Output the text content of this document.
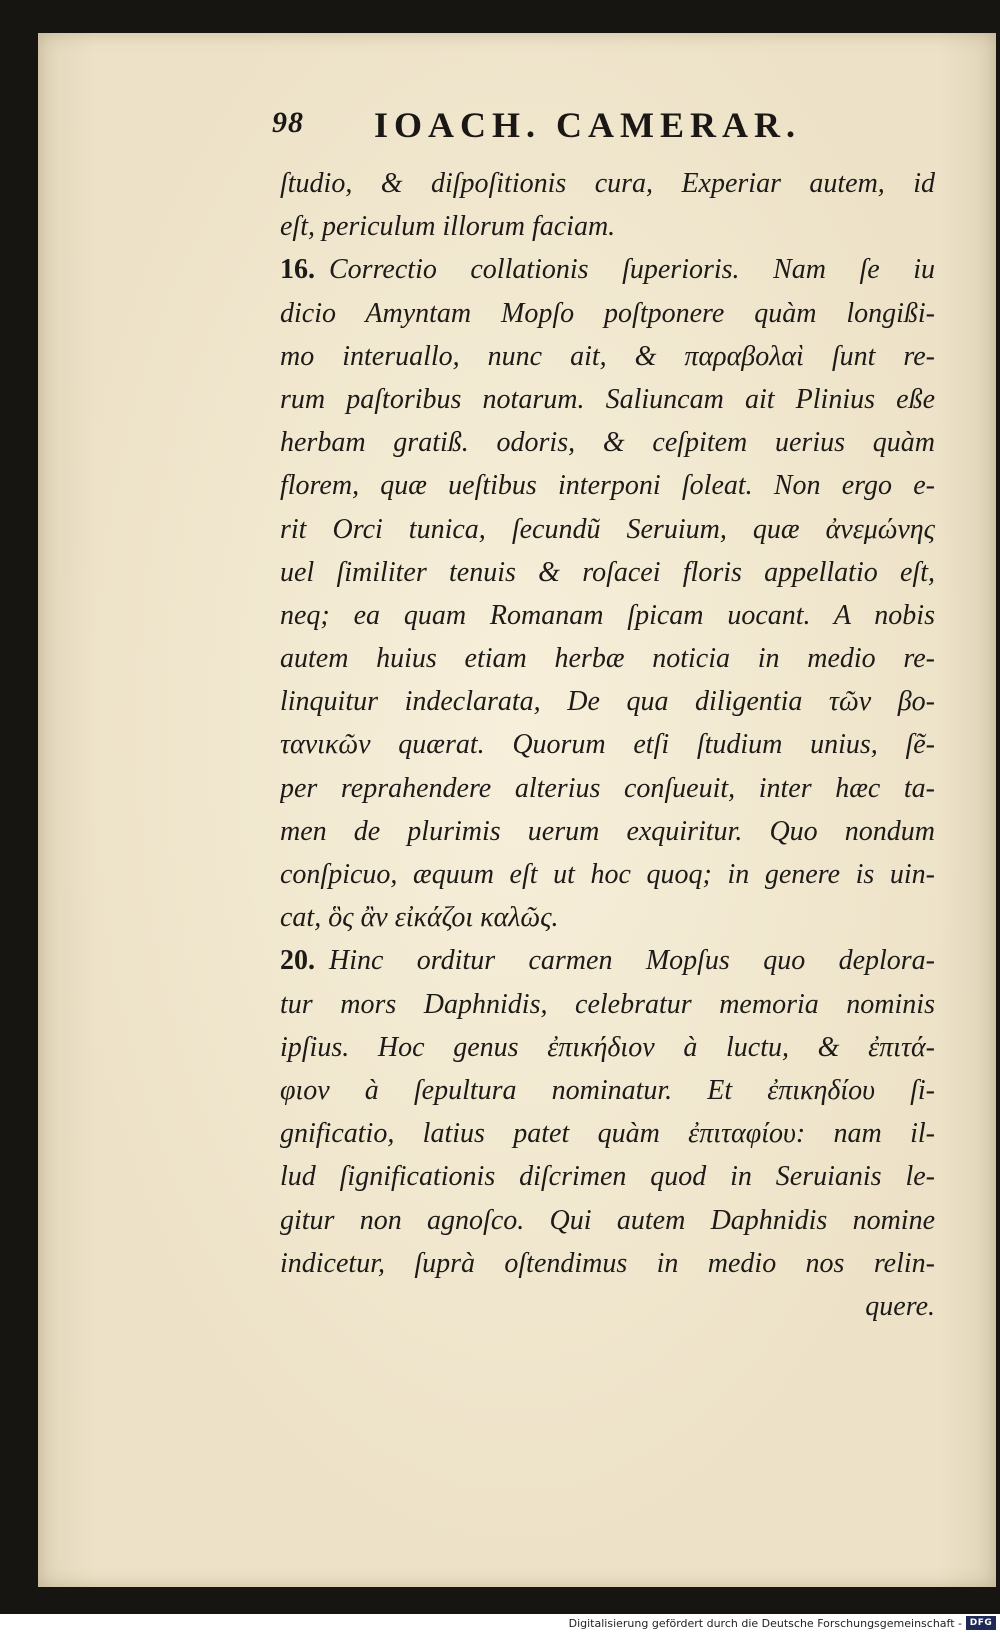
98 IOACH. CAMERAR.
ſtudio, & diſpoſitionis cura, Experiar autem, id
eſt, periculum illorum faciam.
16. Correctio collationis ſuperioris. Nam ſe iu
dicio Amyntam Mopſo poſtponere quàm longißi-
mo interuallo, nunc ait, & παραβολαὶ ſunt re-
rum paſtoribus notarum. Saliuncam ait Plinius eße
herbam gratiß. odoris, & ceſpitem uerius quàm
florem, quæ ueſtibus interponi ſoleat. Non ergo e-
rit Orci tunica, ſecundũ Seruium, quæ ἀνεμώνης
uel ſimiliter tenuis & roſacei floris appellatio eſt,
neq; ea quam Romanam ſpicam uocant. A nobis
autem huius etiam herbæ noticia in medio re-
linquitur indeclarata, De qua diligentia τῶν βο-
τανικῶν quærat. Quorum etſi ſtudium unius, ſẽ-
per reprahendere alterius conſueuit, inter hæc ta-
men de plurimis uerum exquiritur. Quo nondum
conſpicuo, æquum eſt ut hoc quoq; in genere is uin-
cat, ὃς ἂν εἰκάζοι καλῶς.
20. Hinc orditur carmen Mopſus quo deplora-
tur mors Daphnidis, celebratur memoria nominis
ipſius. Hoc genus ἐπικήδιον à luctu, & ἐπιτά-
φιον à ſepultura nominatur. Et ἐπικηδίου ſi-
gnificatio, latius patet quàm ἐπιταφίου: nam il-
lud ſignificationis diſcrimen quod in Seruianis le-
gitur non agnoſco. Qui autem Daphnidis nomine
indicetur, ſuprà oſtendimus in medio nos relin-
quere.
Digitalisierung gefördert durch die Deutsche Forschungsgemeinschaft - DFG
